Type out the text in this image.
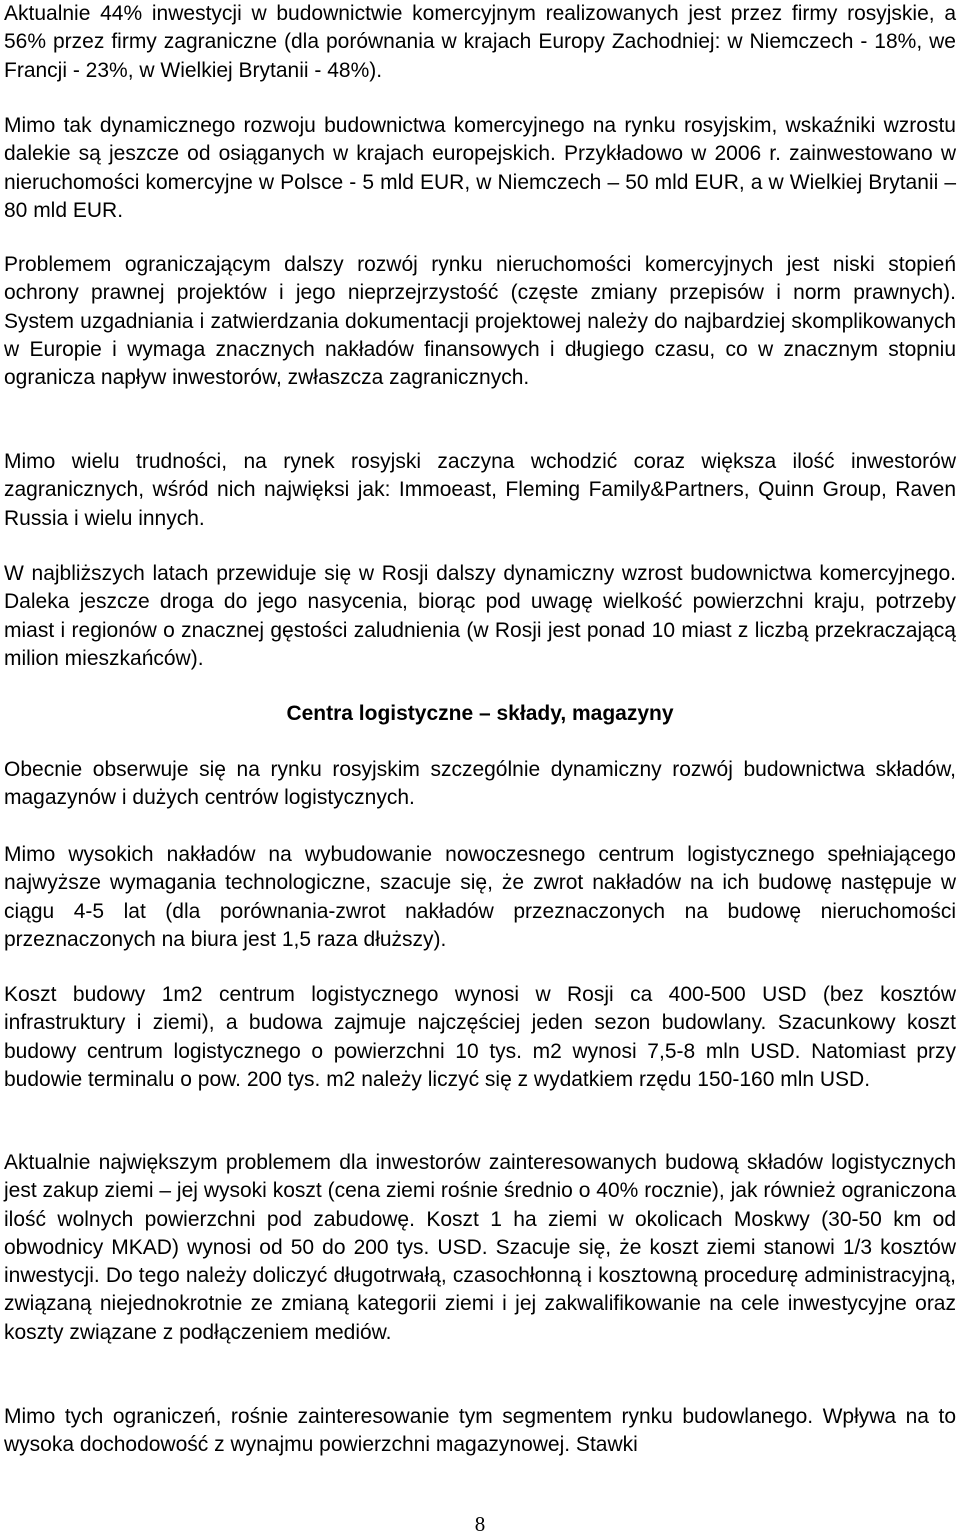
Aktualnie 44% inwestycji w budownictwie komercyjnym realizowanych jest przez firmy rosyjskie, a 56% przez firmy zagraniczne (dla porównania w krajach Europy Zachodniej: w Niemczech - 18%, we Francji - 23%, w Wielkiej Brytanii - 48%).

Mimo tak dynamicznego rozwoju budownictwa komercyjnego na rynku rosyjskim, wskaźniki wzrostu dalekie są jeszcze od osiąganych w krajach europejskich. Przykładowo w 2006 r. zainwestowano w nieruchomości komercyjne w Polsce - 5 mld EUR, w Niemczech – 50 mld EUR, a w Wielkiej Brytanii – 80 mld EUR.

Problemem ograniczającym dalszy rozwój rynku nieruchomości komercyjnych jest niski stopień ochrony prawnej projektów i jego nieprzejrzystość (częste zmiany przepisów i norm prawnych). System uzgadniania i zatwierdzania dokumentacji projektowej należy do najbardziej skomplikowanych w Europie i wymaga znacznych nakładów finansowych i długiego czasu, co w znacznym stopniu ogranicza napływ inwestorów, zwłaszcza zagranicznych.

Mimo wielu trudności, na rynek rosyjski zaczyna wchodzić coraz większa ilość inwestorów zagranicznych, wśród nich najwięksi jak: Immoeast, Fleming Family&Partners, Quinn Group, Raven Russia i wielu innych.

W najbliższych latach przewiduje się w Rosji dalszy dynamiczny wzrost budownictwa komercyjnego. Daleka jeszcze droga do jego nasycenia, biorąc pod uwagę wielkość powierzchni kraju, potrzeby miast i regionów o znacznej gęstości zaludnienia (w Rosji jest ponad 10 miast z liczbą przekraczającą milion mieszkańców).

Centra logistyczne – składy, magazyny

Obecnie obserwuje się na rynku rosyjskim szczególnie dynamiczny rozwój budownictwa składów, magazynów i dużych centrów logistycznych.

Mimo wysokich nakładów na wybudowanie nowoczesnego centrum logistycznego spełniającego najwyższe wymagania technologiczne, szacuje się, że zwrot nakładów na ich budowę następuje w ciągu 4-5 lat (dla porównania-zwrot nakładów przeznaczonych na budowę nieruchomości przeznaczonych na biura jest 1,5 raza dłuższy).

Koszt budowy 1m2 centrum logistycznego wynosi w Rosji ca 400-500 USD (bez kosztów infrastruktury i ziemi), a budowa zajmuje najczęściej jeden sezon budowlany. Szacunkowy koszt budowy centrum logistycznego o powierzchni 10 tys. m2 wynosi 7,5-8 mln USD. Natomiast przy budowie terminalu o pow. 200 tys. m2 należy liczyć się z wydatkiem rzędu 150-160 mln USD.

Aktualnie największym problemem dla inwestorów zainteresowanych budową składów logistycznych jest zakup ziemi – jej wysoki koszt (cena ziemi rośnie średnio o 40% rocznie), jak również ograniczona ilość wolnych powierzchni pod zabudowę. Koszt 1 ha ziemi w okolicach Moskwy (30-50 km od obwodnicy MKAD) wynosi od 50 do 200 tys. USD. Szacuje się, że koszt ziemi stanowi 1/3 kosztów inwestycji. Do tego należy doliczyć długotrwałą, czasochłonną i kosztowną procedurę administracyjną, związaną niejednokrotnie ze zmianą kategorii ziemi i jej zakwalifikowanie na cele inwestycyjne oraz koszty związane z podłączeniem mediów.

Mimo tych ograniczeń, rośnie zainteresowanie tym segmentem rynku budowlanego. Wpływa na to wysoka dochodowość z wynajmu powierzchni magazynowej. Stawki

8
